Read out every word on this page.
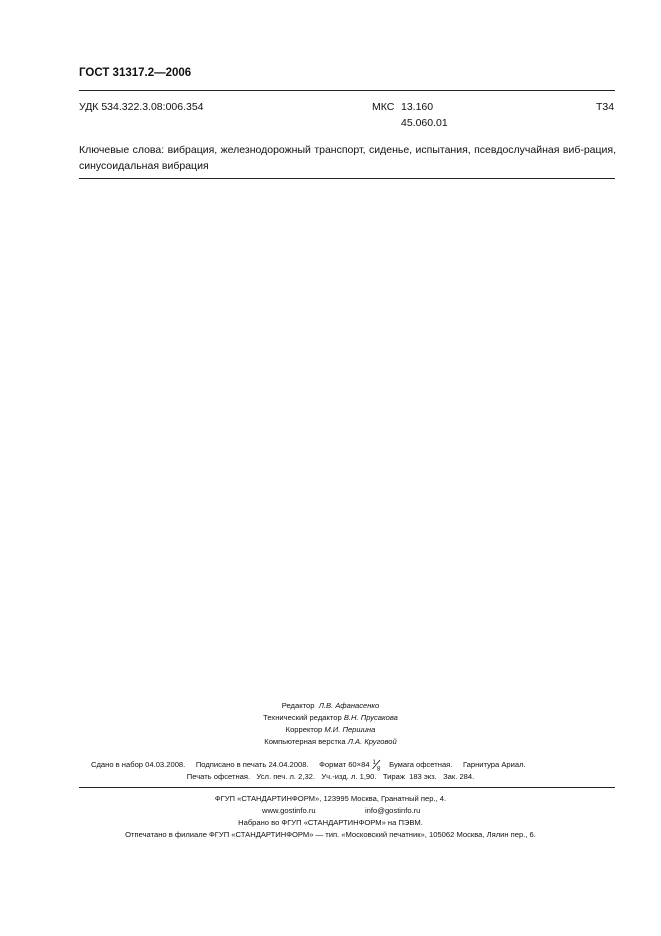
ГОСТ 31317.2—2006
УДК 534.322.3.08:006.354	МКС 13.160
45.060.01
Т34
Ключевые слова: вибрация, железнодорожный транспорт, сиденье, испытания, псевдослучайная виб-рация, синусоидальная вибрация
Редактор Л.В. Афанасенко
Технический редактор В.Н. Прусакова
Корректор М.И. Першина
Компьютерная верстка Л.А. Круговой
Сдано в набор 04.03.2008. Подписано в печать 24.04.2008. Формат 60×84 1
8
Бумага офсетная. Гарнитура Ариал.
Печать офсетная.   Усл. печ. л. 2,32.   Уч.-изд. л. 1,90.   Тираж  183 экз.   Зак. 284.
ФГУП «СТАНДАРТИНФОРМ», 123995 Москва, Гранатный пер., 4.
www.gostinfo.ru	info@gostinfo.ru
Набрано во ФГУП «СТАНДАРТИНФОРМ» на ПЭВМ.
Отпечатано в филиале ФГУП «СТАНДАРТИНФОРМ» — тип. «Московский печатник», 105062 Москва, Лялин пер., 6.
